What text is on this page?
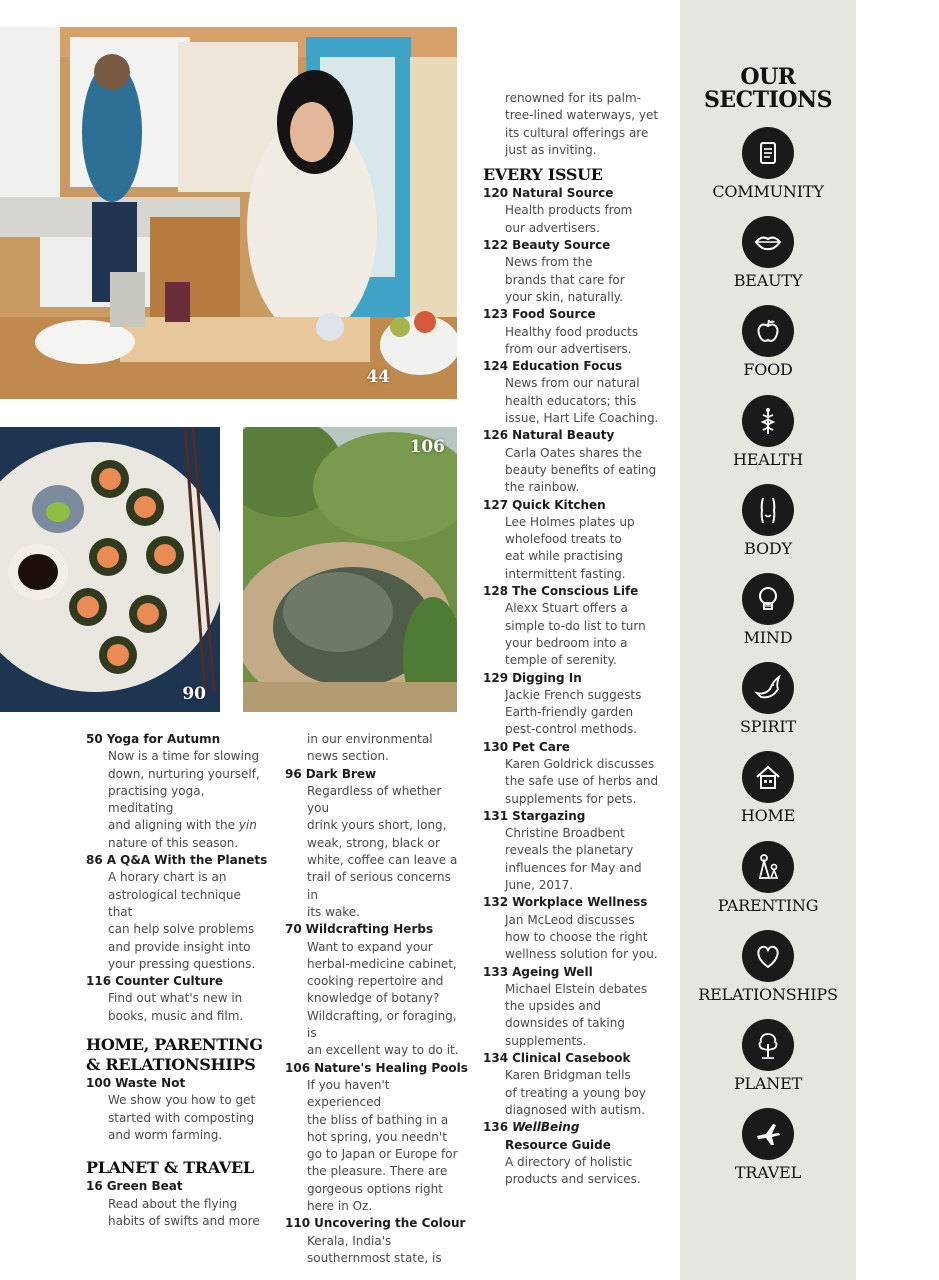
44
90
106
50 Yoga for Autumn
Now is a time for slowing
down, nurturing yourself,
practising yoga, meditating
and aligning with the yin
nature of this season.
86 A Q&A With the Planets
A horary chart is an
astrological technique that
can help solve problems
and provide insight into
your pressing questions.
116 Counter Culture
Find out what's new in
books, music and film.
HOME, PARENTING
& RELATIONSHIPS
100 Waste Not
We show you how to get
started with composting
and worm farming.
PLANET & TRAVEL
16 Green Beat
Read about the flying
habits of swifts and more
in our environmental
news section.
96 Dark Brew
Regardless of whether you
drink yours short, long,
weak, strong, black or
white, coffee can leave a
trail of serious concerns in
its wake.
70 Wildcrafting Herbs
Want to expand your
herbal-medicine cabinet,
cooking repertoire and
knowledge of botany?
Wildcrafting, or foraging, is
an excellent way to do it.
106 Nature's Healing Pools
If you haven't experienced
the bliss of bathing in a
hot spring, you needn't
go to Japan or Europe for
the pleasure. There are
gorgeous options right
here in Oz.
110 Uncovering the Colour
Kerala, India's
southernmost state, is
renowned for its palm-
tree-lined waterways, yet
its cultural offerings are
just as inviting.
EVERY ISSUE
120 Natural Source
Health products from
our advertisers.
122 Beauty Source
News from the
brands that care for
your skin, naturally.
123 Food Source
Healthy food products
from our advertisers.
124 Education Focus
News from our natural
health educators; this
issue, Hart Life Coaching.
126 Natural Beauty
Carla Oates shares the
beauty benefits of eating
the rainbow.
127 Quick Kitchen
Lee Holmes plates up
wholefood treats to
eat while practising
intermittent fasting.
128 The Conscious Life
Alexx Stuart offers a
simple to-do list to turn
your bedroom into a
temple of serenity.
129 Digging In
Jackie French suggests
Earth-friendly garden
pest-control methods.
130 Pet Care
Karen Goldrick discusses
the safe use of herbs and
supplements for pets.
131 Stargazing
Christine Broadbent
reveals the planetary
influences for May and
June, 2017.
132 Workplace Wellness
Jan McLeod discusses
how to choose the right
wellness solution for you.
133 Ageing Well
Michael Elstein debates
the upsides and
downsides of taking
supplements.
134 Clinical Casebook
Karen Bridgman tells
of treating a young boy
diagnosed with autism.
136 WellBeing
Resource Guide
A directory of holistic
products and services.
OUR
SECTIONS
COMMUNITY
BEAUTY
FOOD
HEALTH
BODY
MIND
SPIRIT
HOME
PARENTING
RELATIONSHIPS
PLANET
TRAVEL
